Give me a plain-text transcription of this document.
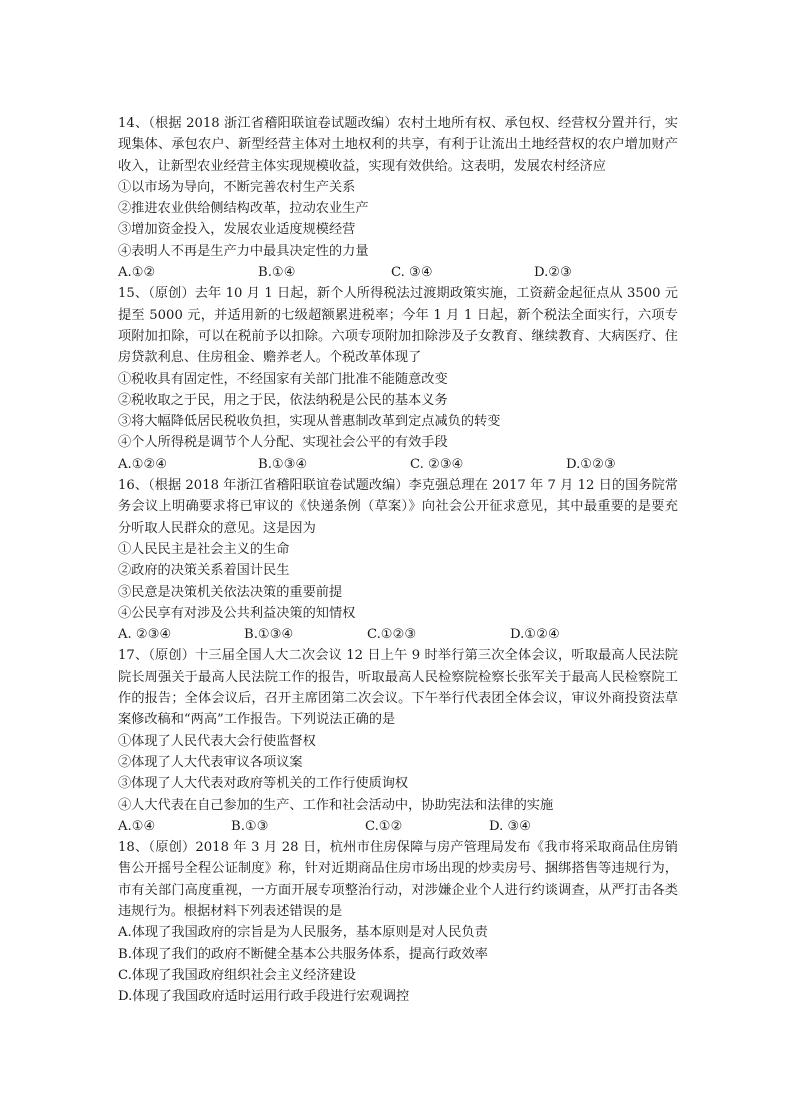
14、（根据 2018 浙江省稽阳联谊卷试题改编）农村土地所有权、承包权、经营权分置并行，实现集体、承包农户、新型经营主体对土地权利的共享，有利于让流出土地经营权的农户增加财产收入，让新型农业经营主体实现规模收益，实现有效供给。这表明，发展农村经济应

①以市场为导向，不断完善农村生产关系

②推进农业供给侧结构改革，拉动农业生产

③增加资金投入，发展农业适度规模经营

④表明人不再是生产力中最具决定性的力量

A.①②	B.①④	C. ③④	D.②③

15、（原创）去年 10 月 1 日起，新个人所得税法过渡期政策实施，工资薪金起征点从 3500 元提至 5000 元，并适用新的七级超额累进税率；今年 1 月 1 日起，新个税法全面实行，六项专项附加扣除，可以在税前予以扣除。六项专项附加扣除涉及子女教育、继续教育、大病医疗、住房贷款利息、住房租金、赡养老人。个税改革体现了

①税收具有固定性，不经国家有关部门批准不能随意改变

②税收取之于民，用之于民，依法纳税是公民的基本义务

③将大幅降低居民税收负担，实现从普惠制改革到定点减负的转变

④个人所得税是调节个人分配、实现社会公平的有效手段

A.①②④	B.①③④	C. ②③④	D.①②③

16、（根据 2018 年浙江省稽阳联谊卷试题改编）李克强总理在 2017 年 7 月 12 日的国务院常务会议上明确要求将已审议的《快递条例（草案）》向社会公开征求意见，其中最重要的是要充分听取人民群众的意见。这是因为

①人民民主是社会主义的生命

②政府的决策关系着国计民生

③民意是决策机关依法决策的重要前提

④公民享有对涉及公共利益决策的知情权

A. ②③④	B.①③④	C.①②③	D.①②④

17、（原创）十三届全国人大二次会议 12 日上午 9 时举行第三次全体会议，听取最高人民法院院长周强关于最高人民法院工作的报告，听取最高人民检察院检察长张军关于最高人民检察院工作的报告；全体会议后，召开主席团第二次会议。下午举行代表团全体会议，审议外商投资法草案修改稿和“两高”工作报告。下列说法正确的是

①体现了人民代表大会行使监督权

②体现了人大代表审议各项议案

③体现了人大代表对政府等机关的工作行使质询权

④人大代表在自己参加的生产、工作和社会活动中，协助宪法和法律的实施

A.①④	B.①③	C.①②	D. ③④

18、（原创）2018 年 3 月 28 日，杭州市住房保障与房产管理局发布《我市将采取商品住房销售公开摇号全程公证制度》称，针对近期商品住房市场出现的炒卖房号、捆绑搭售等违规行为，市有关部门高度重视，一方面开展专项整治行动，对涉嫌企业个人进行约谈调查，从严打击各类违规行为。根据材料下列表述错误的是

A.体现了我国政府的宗旨是为人民服务，基本原则是对人民负责

B.体现了我们的政府不断健全基本公共服务体系，提高行政效率

C.体现了我国政府组织社会主义经济建设

D.体现了我国政府适时运用行政手段进行宏观调控
